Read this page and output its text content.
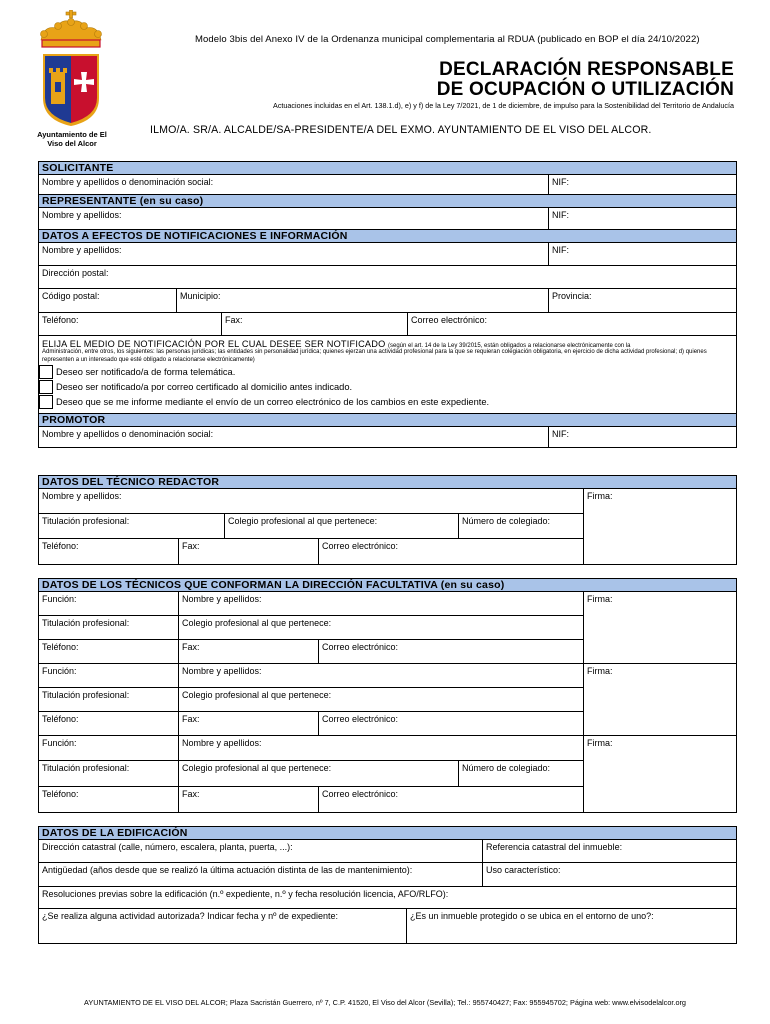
Ayuntamiento de El Viso del Alcor
Modelo 3bis del Anexo IV de la Ordenanza municipal complementaria al RDUA (publicado en BOP el día 24/10/2022)
DECLARACIÓN RESPONSABLE
DE OCUPACIÓN O UTILIZACIÓN
Actuaciones incluidas en el Art. 138.1.d), e) y f) de la Ley 7/2021, de 1 de diciembre, de impulso para la Sostenibilidad del Territorio de Andalucía
ILMO/A. SR/A. ALCALDE/SA-PRESIDENTE/A DEL EXMO. AYUNTAMIENTO DE EL VISO DEL ALCOR.
SOLICITANTE
Nombre y apellidos o denominación social:	NIF:
REPRESENTANTE (en su caso)
Nombre y apellidos:	NIF:
DATOS A EFECTOS DE NOTIFICACIONES E INFORMACIÓN
Nombre y apellidos:	NIF:
Dirección postal:
Código postal:	Municipio:	Provincia:
Teléfono:	Fax:	Correo electrónico:
ELIJA EL MEDIO DE NOTIFICACIÓN POR EL CUAL DESEE SER NOTIFICADO (según el art. 14 de la Ley 39/2015, están obligados a relacionarse electrónicamente con la
Administración, entre otros, los siguientes: las personas jurídicas; las entidades sin personalidad jurídica; quienes ejerzan una actividad profesional para la que se requieran colegiación obligatoria, en ejercicio de dicha actividad profesional; d) quienes representen a un interesado que esté obligado a relacionarse electrónicamente)
Deseo ser notificado/a de forma telemática.
Deseo ser notificado/a por correo certificado al domicilio antes indicado.
Deseo que se me informe mediante el envío de un correo electrónico de los cambios en este expediente.
PROMOTOR
Nombre y apellidos o denominación social:	NIF:
DATOS DEL TÉCNICO REDACTOR
Nombre y apellidos:
Titulación profesional:	Colegio profesional al que pertenece:	Número de colegiado:
Teléfono:	Fax:	Correo electrónico:
Firma:
DATOS DE LOS TÉCNICOS QUE CONFORMAN LA DIRECCIÓN FACULTATIVA (en su caso)
Función:	Nombre y apellidos:
Titulación profesional:	Colegio profesional al que pertenece:
Teléfono:	Fax:	Correo electrónico:
Firma:
Función:	Nombre y apellidos:
Titulación profesional:	Colegio profesional al que pertenece:
Teléfono:	Fax:	Correo electrónico:
Firma:
Función:	Nombre y apellidos:
Titulación profesional:	Colegio profesional al que pertenece:	Número de colegiado:
Teléfono:	Fax:	Correo electrónico:
Firma:
DATOS DE LA EDIFICACIÓN
Dirección catastral (calle, número, escalera, planta, puerta, ...):	Referencia catastral del inmueble:
Antigüedad (años desde que se realizó la última actuación distinta de las de mantenimiento):	Uso característico:
Resoluciones previas sobre la edificación (n.º expediente, n.º y fecha resolución licencia, AFO/RLFO):
¿Se realiza alguna actividad autorizada? Indicar fecha y nº de expediente:	¿Es un inmueble protegido o se ubica en el entorno de uno?:
AYUNTAMIENTO DE EL VISO DEL ALCOR; Plaza Sacristán Guerrero, nº 7, C.P. 41520, El Viso del Alcor (Sevilla); Tel.: 955740427; Fax: 955945702; Página web: www.elvisodelalcor.org
